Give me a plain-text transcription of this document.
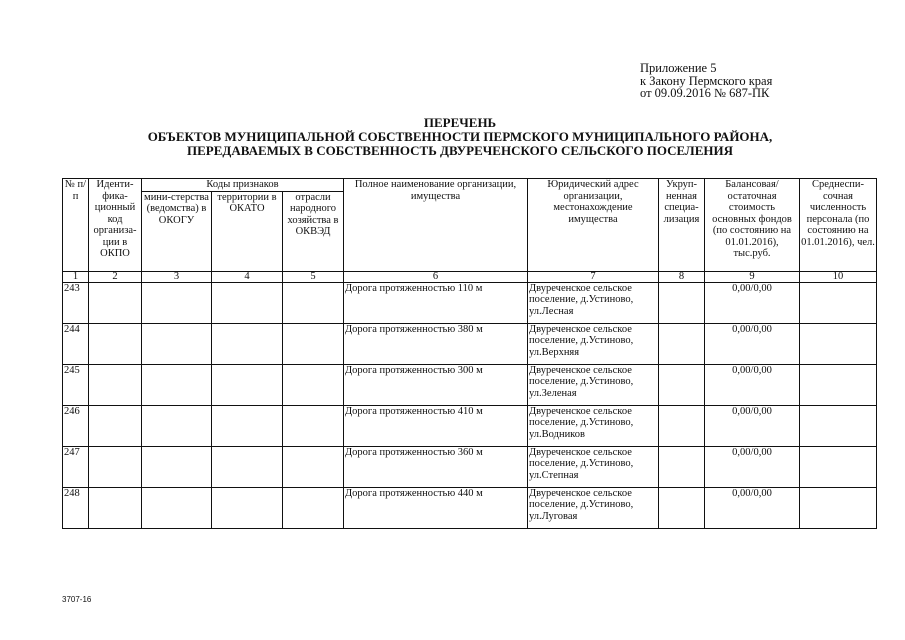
Приложение 5
к Закону Пермского края
от 09.09.2016 № 687-ПК
ПЕРЕЧЕНЬ
ОБЪЕКТОВ МУНИЦИПАЛЬНОЙ СОБСТВЕННОСТИ ПЕРМСКОГО МУНИЦИПАЛЬНОГО РАЙОНА,
ПЕРЕДАВАЕМЫХ В СОБСТВЕННОСТЬ ДВУРЕЧЕНСКОГО СЕЛЬСКОГО ПОСЕЛЕНИЯ
№ п/п	Иденти-фика-ционный код организа-ции в ОКПО	Коды признаков			Полное наименование организации, имущества	Юридический адрес организации, местонахождение имущества	Укруп-ненная специа-лизация	Балансовая/ остаточная стоимость основных фондов (по состоянию на 01.01.2016), тыс.руб.	Среднеспи-сочная численность персонала (по состоянию на 01.01.2016), чел.
		мини-стерства (ведомства) в ОКОГУ	территории в ОКАТО	отрасли народного хозяйства в ОКВЭД					
1	2	3	4	5	6	7	8	9	10
243					Дорога протяженностью 110 м	Двуреченское сельское поселение, д.Устиново, ул.Лесная		0,00/0,00	
244					Дорога протяженностью 380 м	Двуреченское сельское поселение, д.Устиново, ул.Верхняя		0,00/0,00	
245					Дорога протяженностью 300 м	Двуреченское сельское поселение, д.Устиново, ул.Зеленая		0,00/0,00	
246					Дорога протяженностью 410 м	Двуреченское сельское поселение, д.Устиново, ул.Водников		0,00/0,00	
247					Дорога протяженностью 360 м	Двуреченское сельское поселение, д.Устиново, ул.Степная		0,00/0,00	
248					Дорога протяженностью 440 м	Двуреченское сельское поселение, д.Устиново, ул.Луговая		0,00/0,00	
3707-16
